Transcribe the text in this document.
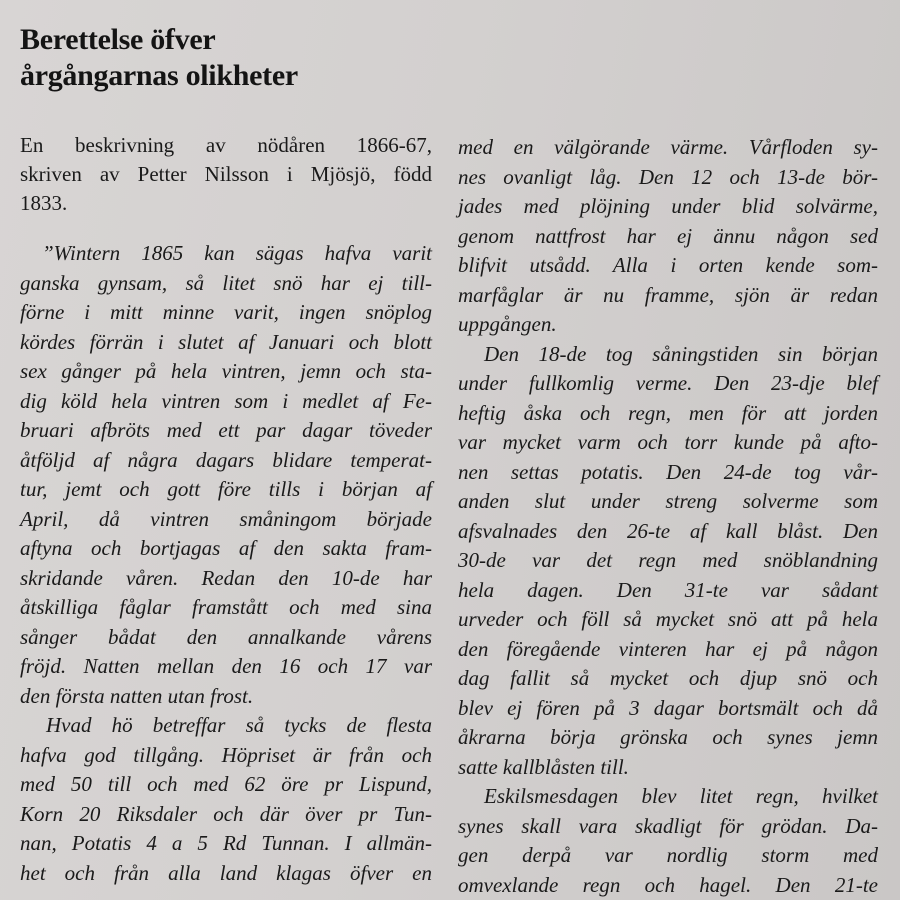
Berettelse öfver
årgångarnas olikheter
En beskrivning av nödåren 1866-67,
skriven av Petter Nilsson i Mjösjö, född
1833.
”Wintern 1865 kan sägas hafva varit
ganska gynsam, så litet snö har ej till-
förne i mitt minne varit, ingen snöplog
kördes förrän i slutet af Januari och blott
sex gånger på hela vintren, jemn och sta-
dig köld hela vintren som i medlet af Fe-
bruari afbröts med ett par dagar töveder
åtföljd af några dagars blidare temperat-
tur, jemt och gott före tills i början af
April, då vintren småningom började
aftyna och bortjagas af den sakta fram-
skridande våren. Redan den 10-de har
åtskilliga fåglar framstått och med sina
sånger bådat den annalkande vårens
fröjd. Natten mellan den 16 och 17 var
den första natten utan frost.
Hvad hö betreffar så tycks de flesta
hafva god tillgång. Höpriset är från och
med 50 till och med 62 öre pr Lispund,
Korn 20 Riksdaler och där över pr Tun-
nan, Potatis 4 a 5 Rd Tunnan. I allmän-
het och från alla land klagas öfver en
med en välgörande värme. Vårfloden sy-
nes ovanligt låg. Den 12 och 13-de bör-
jades med plöjning under blid solvärme,
genom nattfrost har ej ännu någon sed
blifvit utsådd. Alla i orten kende som-
marfåglar är nu framme, sjön är redan
uppgången.
Den 18-de tog såningstiden sin början
under fullkomlig verme. Den 23-dje blef
heftig åska och regn, men för att jorden
var mycket varm och torr kunde på afto-
nen settas potatis. Den 24-de tog vår-
anden slut under streng solverme som
afsvalnades den 26-te af kall blåst. Den
30-de var det regn med snöblandning
hela dagen. Den 31-te var sådant
urveder och föll så mycket snö att på hela
den föregående vinteren har ej på någon
dag fallit så mycket och djup snö och
blev ej fören på 3 dagar bortsmält och då
åkrarna börja grönska och synes jemn
satte kallblåsten till.
Eskilsmesdagen blev litet regn, hvilket
synes skall vara skadligt för grödan. Da-
gen derpå var nordlig storm med
omvexlande regn och hagel. Den 21-te
